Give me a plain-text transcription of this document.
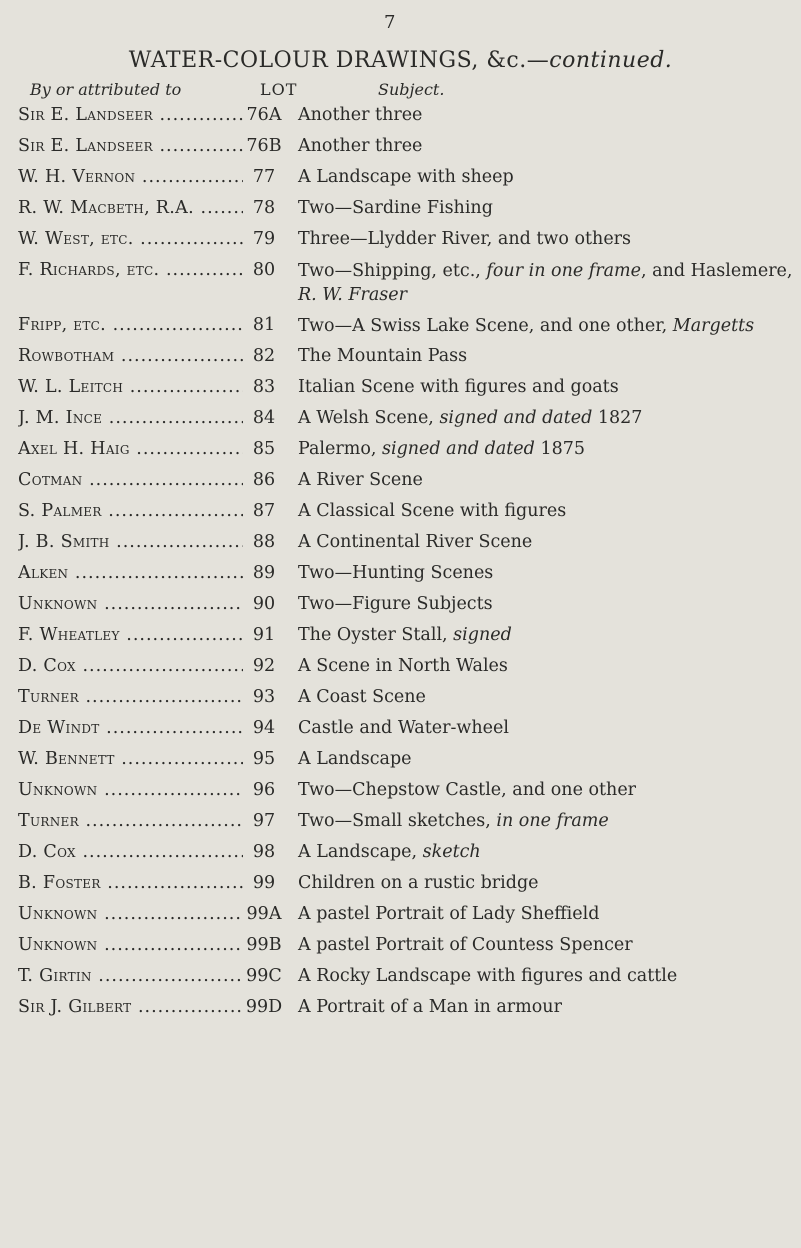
7
WATER-COLOUR DRAWINGS, &c.—continued.
By or attributed to	LOT	Subject.
Sir E. Landseer .....	76A Another three
Sir E. Landseer .....	76B Another three
W. H. Vernon .....	77	A Landscape with sheep
R. W. Macbeth, R.A. .....	78	Two—Sardine Fishing
W. West, etc. .....	79	Three—Llydder River, and two others
F. Richards, etc. .....	80	Two—Shipping, etc., four in one frame, and Haslemere, R. W. Fraser
Fripp, etc. .....	81	Two—A Swiss Lake Scene, and one other, Margetts
Rowbotham .....	82	The Mountain Pass
W. L. Leitch .....	83	Italian Scene with figures and goats
J. M. Ince .....	84	A Welsh Scene, signed and dated 1827
Axel H. Haig .....	85	Palermo, signed and dated 1875
Cotman .....	86	A River Scene
S. Palmer .....	87	A Classical Scene with figures
J. B. Smith .....	88	A Continental River Scene
Alken .....	89	Two—Hunting Scenes
Unknown .....	90	Two—Figure Subjects
F. Wheatley .....	91	The Oyster Stall, signed
D. Cox .....	92	A Scene in North Wales
Turner .....	93	A Coast Scene
De Windt .....	94	Castle and Water-wheel
W. Bennett .....	95	A Landscape
Unknown .....	96	Two—Chepstow Castle, and one other
Turner .....	97	Two—Small sketches, in one frame
D. Cox .....	98	A Landscape, sketch
B. Foster .....	99	Children on a rustic bridge
Unknown .....	99A A pastel Portrait of Lady Sheffield
Unknown .....	99B A pastel Portrait of Countess Spencer
T. Girtin .....	99C A Rocky Landscape with figures and cattle
Sir J. Gilbert .....	99D A Portrait of a Man in armour
